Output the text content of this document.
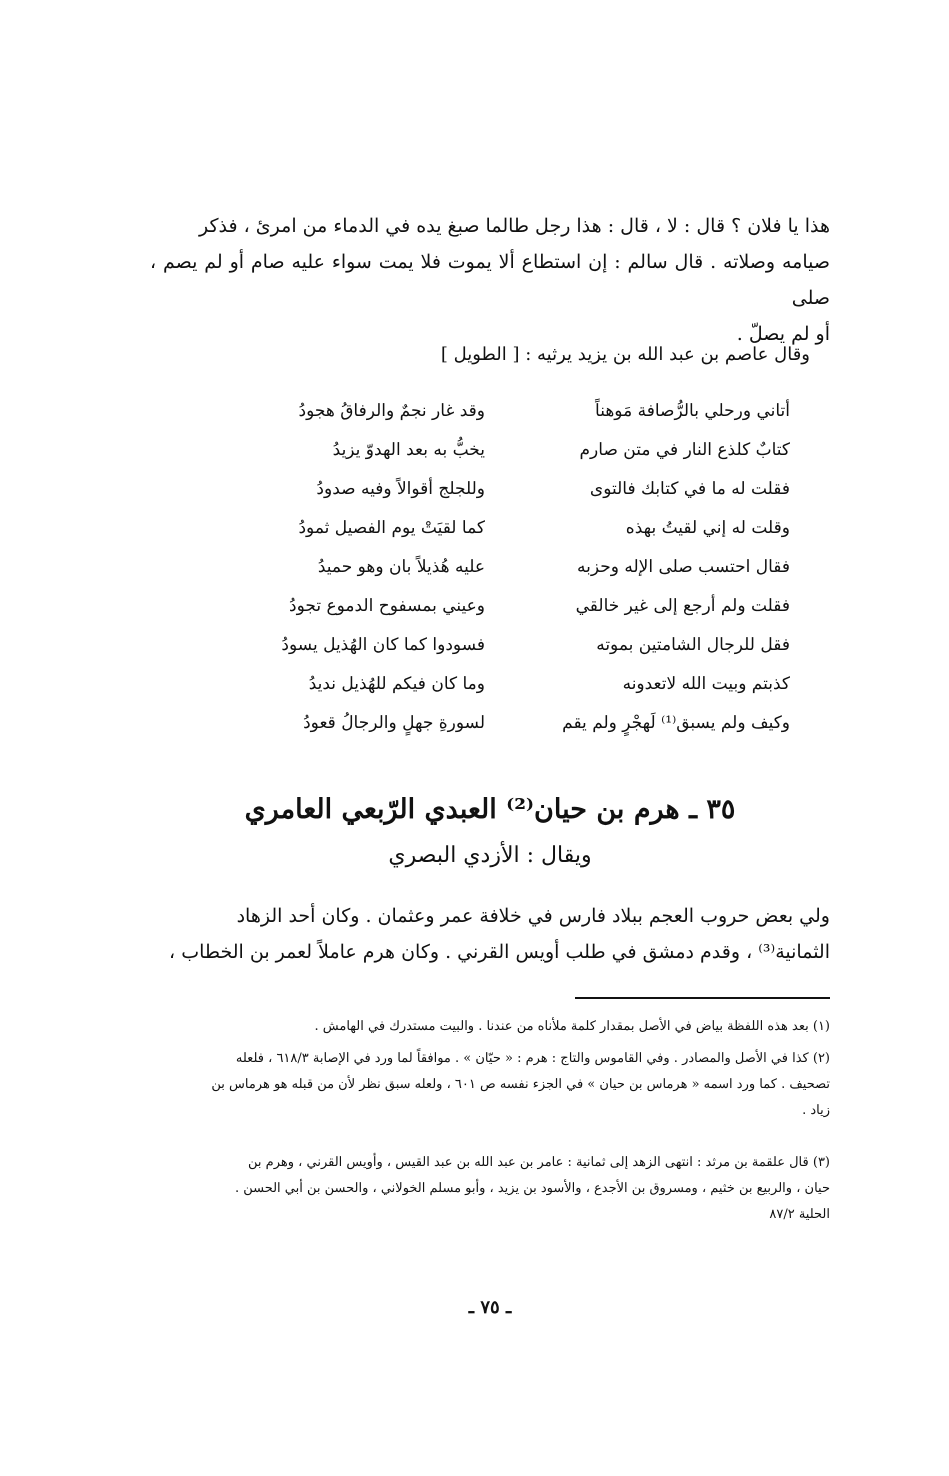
هذا يا فلان ؟ قال : لا ، قال : هذا رجل طالما صبغ يده في الدماء من امرئ ، فذكر
صيامه وصلاته . قال سالم : إن استطاع ألا يموت فلا يمت سواء عليه صام أو لم يصم ، صلى
أو لم يصلّ .
وقال عاصم بن عبد الله بن يزيد يرثيه : [ الطويل ]
أتاني ورحلي بالرُّصافة مَوهناً
وقد غار نجمٌ والرفاقُ هجودُ
كتابٌ كلذع النار في متن صارم
يخبُّ به بعد الهدوّ يزيدُ
فقلت له ما في كتابك فالتوى
وللجلج أقوالاً وفيه صدودُ
وقلت له إني لقيتُ بهذه
كما لقيَتْ يوم الفصيل ثمودُ
فقال احتسب صلى الإله وحزبه
عليه هُذيلاً بان وهو حميدُ
فقلت ولم أرجع إلى غير خالقي
وعيني بمسفوح الدموع تجودُ
فقل للرجال الشامتين بموته
فسودوا كما كان الهُذيل يسودُ
كذبتم وبيت الله لاتعدونه
وما كان فيكم للهُذيل نديدُ
وكيف ولم يسبق⁽¹⁾ لَهجْرٍ ولم يقم
لسورةِ جهلٍ والرجالُ قعودُ
٣٥ ـ هرم بن حيان⁽²⁾ العبدي الرّبعي العامري
ويقال : الأزدي البصري
ولي بعض حروب العجم ببلاد فارس في خلافة عمر وعثمان . وكان أحد الزهاد
الثمانية⁽³⁾ ، وقدم دمشق في طلب أويس القرني . وكان هرم عاملاً لعمر بن الخطاب ،
(١) بعد هذه اللفظة بياض في الأصل بمقدار كلمة ملأناه من عندنا . والبيت مستدرك في الهامش .
(٢) كذا في الأصل والمصادر . وفي القاموس والتاج : هرم : « حيّان » . موافقاً لما ورد في الإصابة ٦١٨/٣ ، فلعله
تصحيف . كما ورد اسمه « هرماس بن حيان » في الجزء نفسه ص ٦٠١ ، ولعله سبق نظر لأن من قبله هو هرماس بن
زياد .
(٣) قال علقمة بن مرثد : انتهى الزهد إلى ثمانية : عامر بن عبد الله بن عبد القيس ، وأويس القرني ، وهرم بن
حيان ، والربيع بن خثيم ، ومسروق بن الأجدع ، والأسود بن يزيد ، وأبو مسلم الخولاني ، والحسن بن أبي الحسن .
الحلية ٨٧/٢
ـ ٧٥ ـ
